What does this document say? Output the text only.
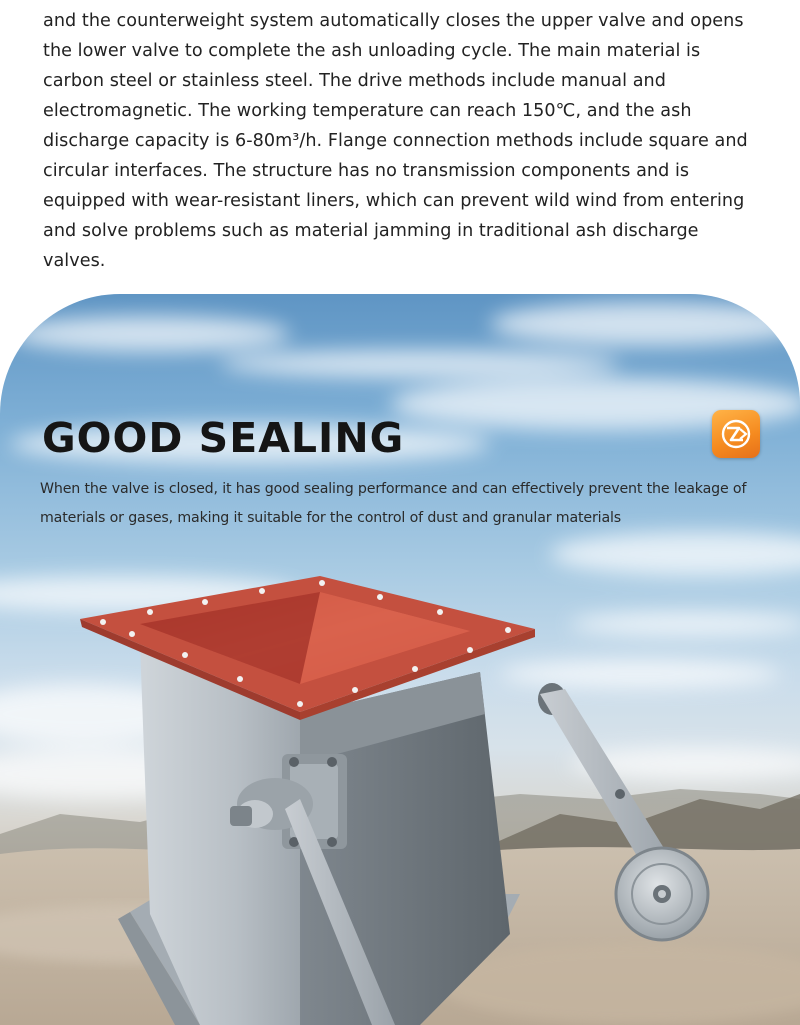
and the counterweight system automatically closes the upper valve and opens the lower valve to complete the ash unloading cycle. The main material is carbon steel or stainless steel. The drive methods include manual and electromagnetic. The working temperature can reach 150℃, and the ash discharge capacity is 6-80m³/h. Flange connection methods include square and circular interfaces. The structure has no transmission components and is equipped with wear-resistant liners, which can prevent wild wind from entering and solve problems such as material jamming in traditional ash discharge valves.

GOOD SEALING

When the valve is closed, it has good sealing performance and can effectively prevent the leakage of materials or gases, making it suitable for the control of dust and granular materials
